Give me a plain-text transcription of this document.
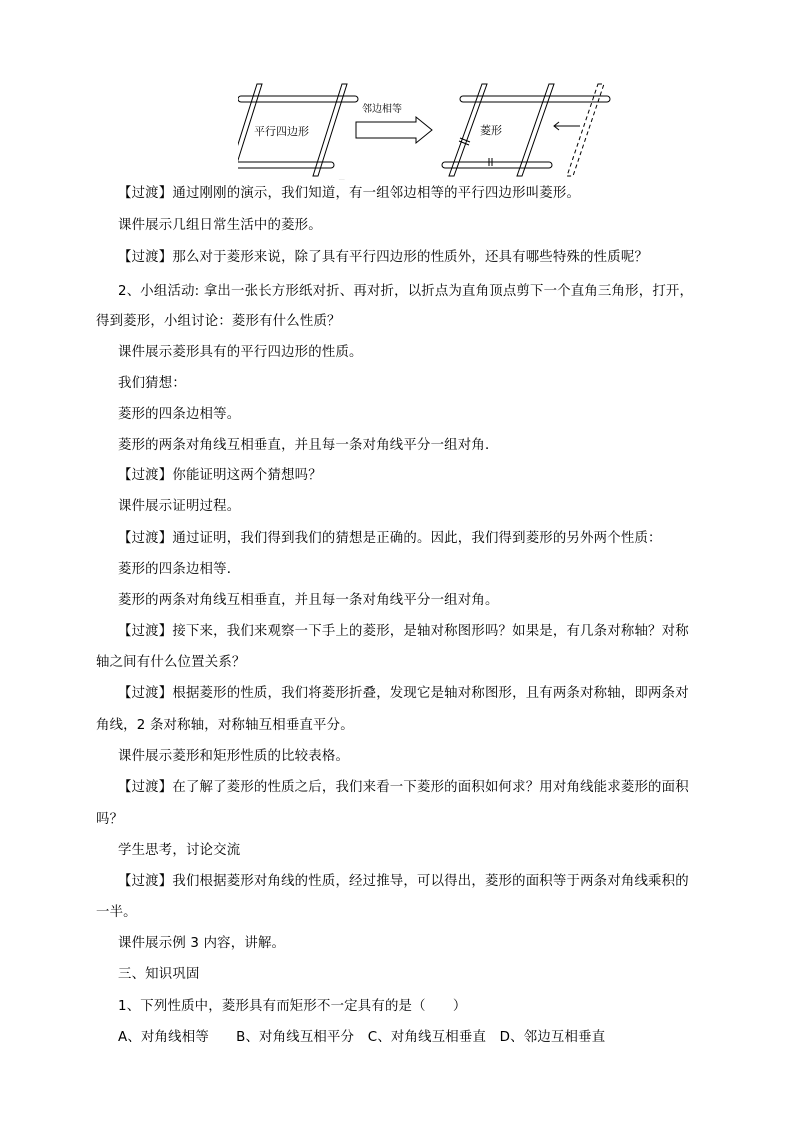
平行四边形
邻边相等
菱形
_
【过渡】通过刚刚的演示，我们知道，有一组邻边相等的平行四边形叫菱形。
课件展示几组日常生活中的菱形。
【过渡】那么对于菱形来说，除了具有平行四边形的性质外，还具有哪些特殊的性质呢？
2、小组活动: 拿出一张长方形纸对折、再对折，以折点为直角顶点剪下一个直角三角形，打开，
得到菱形，小组讨论：菱形有什么性质？
课件展示菱形具有的平行四边形的性质。
我们猜想：
菱形的四条边相等。
菱形的两条对角线互相垂直，并且每一条对角线平分一组对角．
【过渡】你能证明这两个猜想吗？
课件展示证明过程。
【过渡】通过证明，我们得到我们的猜想是正确的。因此，我们得到菱形的另外两个性质：
菱形的四条边相等．
菱形的两条对角线互相垂直，并且每一条对角线平分一组对角。
【过渡】接下来，我们来观察一下手上的菱形，是轴对称图形吗？如果是，有几条对称轴？对称
轴之间有什么位置关系？
【过渡】根据菱形的性质，我们将菱形折叠，发现它是轴对称图形，且有两条对称轴，即两条对
角线，2 条对称轴，对称轴互相垂直平分。
课件展示菱形和矩形性质的比较表格。
【过渡】在了解了菱形的性质之后，我们来看一下菱形的面积如何求？用对角线能求菱形的面积
吗？
学生思考，讨论交流
【过渡】我们根据菱形对角线的性质，经过推导，可以得出，菱形的面积等于两条对角线乘积的
一半。
课件展示例 3 内容，讲解。
三、知识巩固
1、下列性质中，菱形具有而矩形不一定具有的是（　　）
A、对角线相等　　B、对角线互相平分　C、对角线互相垂直　D、邻边互相垂直
